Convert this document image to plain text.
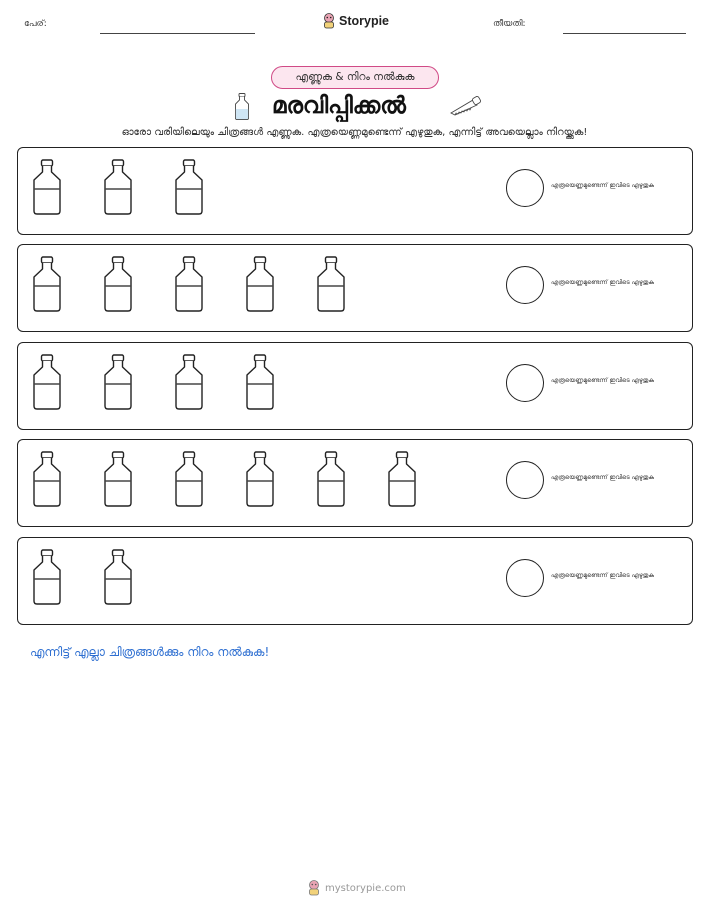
പേര്:	Storypie	തീയതി:
എണ്ണുക & നിറം നൽകുക
മരവിപ്പിക്കൽ
ഓരോ വരിയിലെയും ചിത്രങ്ങൾ എണ്ണുക. എത്രയെണ്ണമുണ്ടെന്ന് എഴുതുക, എന്നിട്ട് അവയെല്ലാം നിറയ്ക്കുക!
എത്രയെണ്ണമുണ്ടെന്ന് ഇവിടെ എഴുതുക
എത്രയെണ്ണമുണ്ടെന്ന് ഇവിടെ എഴുതുക
എത്രയെണ്ണമുണ്ടെന്ന് ഇവിടെ എഴുതുക
എത്രയെണ്ണമുണ്ടെന്ന് ഇവിടെ എഴുതുക
എത്രയെണ്ണമുണ്ടെന്ന് ഇവിടെ എഴുതുക
എന്നിട്ട് എല്ലാ ചിത്രങ്ങൾക്കും നിറം നൽകുക!
mystorypie.com
